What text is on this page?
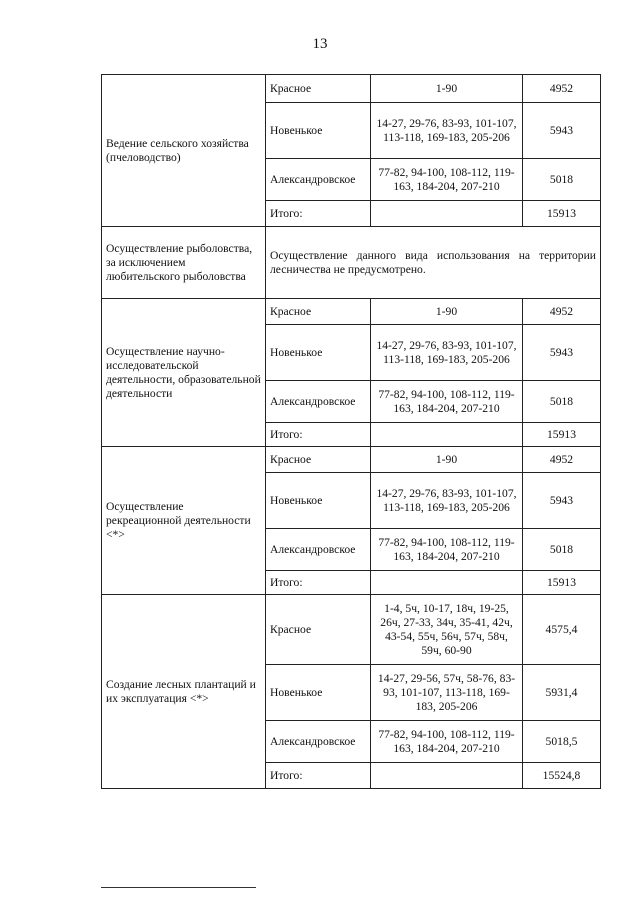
13
Ведение сельского хозяйства (пчеловодство)	Красное	1-90	4952
	Новенькое	14-27, 29-76, 83-93, 101-107, 113-118, 169-183, 205-206	5943
	Александровское	77-82, 94-100, 108-112, 119-163, 184-204, 207-210	5018
	Итого:		15913
Осуществление рыболовства, за исключением любительского рыболовства	Осуществление данного вида использования на территории лесничества не предусмотрено.		
Осуществление научно-исследовательской деятельности, образовательной деятельности	Красное	1-90	4952
	Новенькое	14-27, 29-76, 83-93, 101-107, 113-118, 169-183, 205-206	5943
	Александровское	77-82, 94-100, 108-112, 119-163, 184-204, 207-210	5018
	Итого:		15913
Осуществление рекреационной деятельности <*>	Красное	1-90	4952
	Новенькое	14-27, 29-76, 83-93, 101-107, 113-118, 169-183, 205-206	5943
	Александровское	77-82, 94-100, 108-112, 119-163, 184-204, 207-210	5018
	Итого:		15913
Создание лесных плантаций и их эксплуатация <*>	Красное	1-4, 5ч, 10-17, 18ч, 19-25, 26ч, 27-33, 34ч, 35-41, 42ч, 43-54, 55ч, 56ч, 57ч, 58ч, 59ч, 60-90	4575,4
	Новенькое	14-27, 29-56, 57ч, 58-76, 83-93, 101-107, 113-118, 169-183, 205-206	5931,4
	Александровское	77-82, 94-100, 108-112, 119-163, 184-204, 207-210	5018,5
	Итого:		15524,8
